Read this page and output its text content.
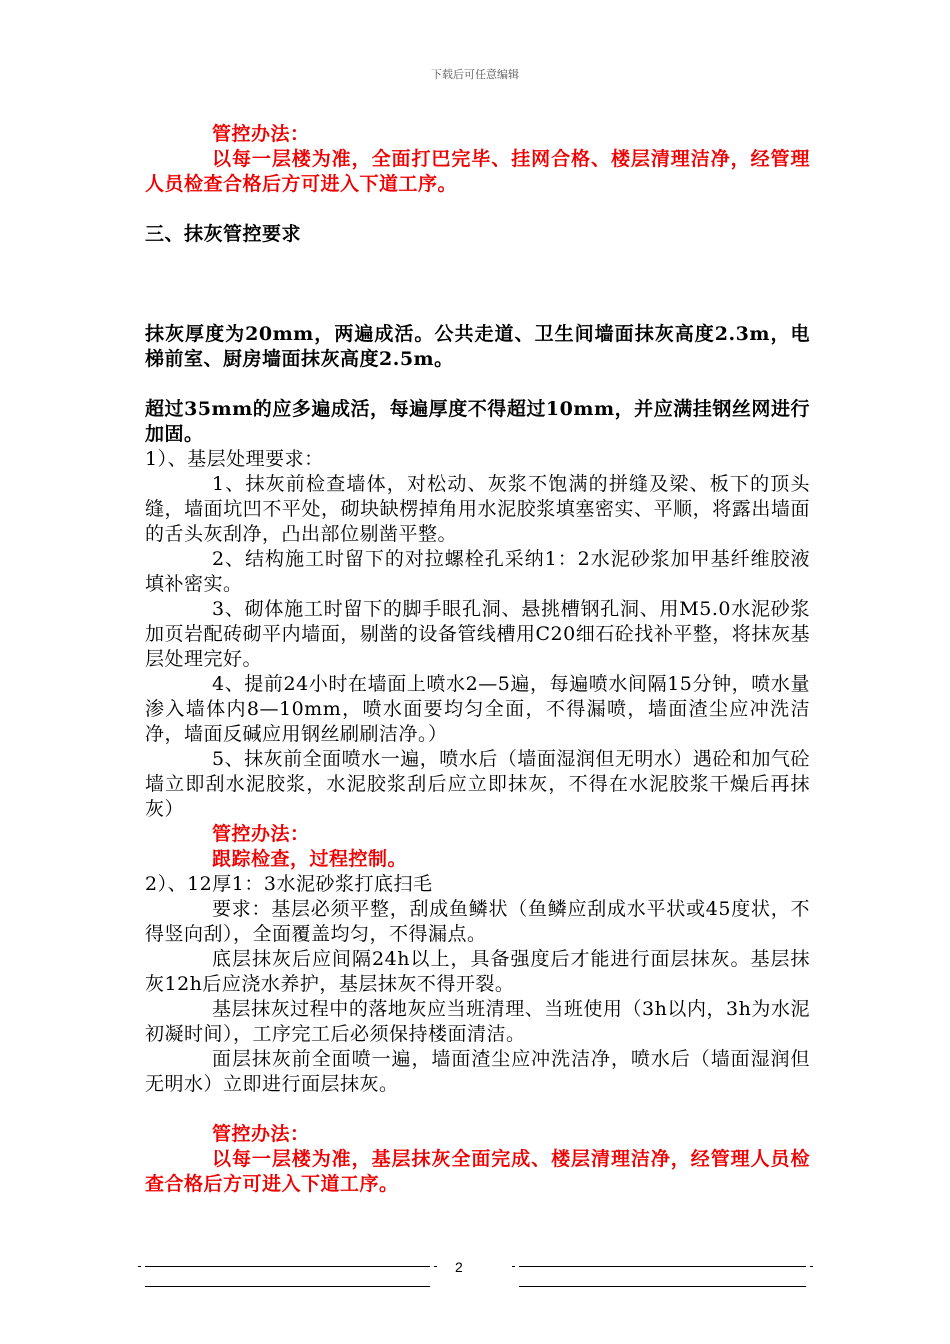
下载后可任意编辑

管控办法：

以每一层楼为准，全面打巴完毕、挂网合格、楼层清理洁净，经管理人员检查合格后方可进入下道工序。

三、抹灰管控要求

抹灰厚度为20mm，两遍成活。公共走道、卫生间墙面抹灰高度2.3m，电梯前室、厨房墙面抹灰高度2.5m。

超过35mm的应多遍成活，每遍厚度不得超过10mm，并应满挂钢丝网进行加固。

1）、基层处理要求：

1、抹灰前检查墙体，对松动、灰浆不饱满的拼缝及梁、板下的顶头缝，墙面坑凹不平处，砌块缺楞掉角用水泥胶浆填塞密实、平顺，将露出墙面的舌头灰刮净，凸出部位剔凿平整。

2、结构施工时留下的对拉螺栓孔采纳1：2水泥砂浆加甲基纤维胶液填补密实。

3、砌体施工时留下的脚手眼孔洞、悬挑槽钢孔洞、用M5.0水泥砂浆加页岩配砖砌平内墙面，剔凿的设备管线槽用C20细石砼找补平整，将抹灰基层处理完好。

4、提前24小时在墙面上喷水2—5遍，每遍喷水间隔15分钟，喷水量渗入墙体内8—10mm，喷水面要均匀全面，不得漏喷，墙面渣尘应冲洗洁净，墙面反碱应用钢丝刷刷洁净。）

5、抹灰前全面喷水一遍，喷水后（墙面湿润但无明水）遇砼和加气砼墙立即刮水泥胶浆，水泥胶浆刮后应立即抹灰，不得在水泥胶浆干燥后再抹灰）

管控办法：

跟踪检查，过程控制。

2）、12厚1：3水泥砂浆打底扫毛

要求：基层必须平整，刮成鱼鳞状（鱼鳞应刮成水平状或45度状，不得竖向刮），全面覆盖均匀，不得漏点。

底层抹灰后应间隔24h以上，具备强度后才能进行面层抹灰。基层抹灰12h后应浇水养护，基层抹灰不得开裂。

基层抹灰过程中的落地灰应当班清理、当班使用（3h以内，3h为水泥初凝时间），工序完工后必须保持楼面清洁。

面层抹灰前全面喷一遍，墙面渣尘应冲洗洁净，喷水后（墙面湿润但无明水）立即进行面层抹灰。

管控办法：

以每一层楼为准，基层抹灰全面完成、楼层清理洁净，经管理人员检查合格后方可进入下道工序。

2
